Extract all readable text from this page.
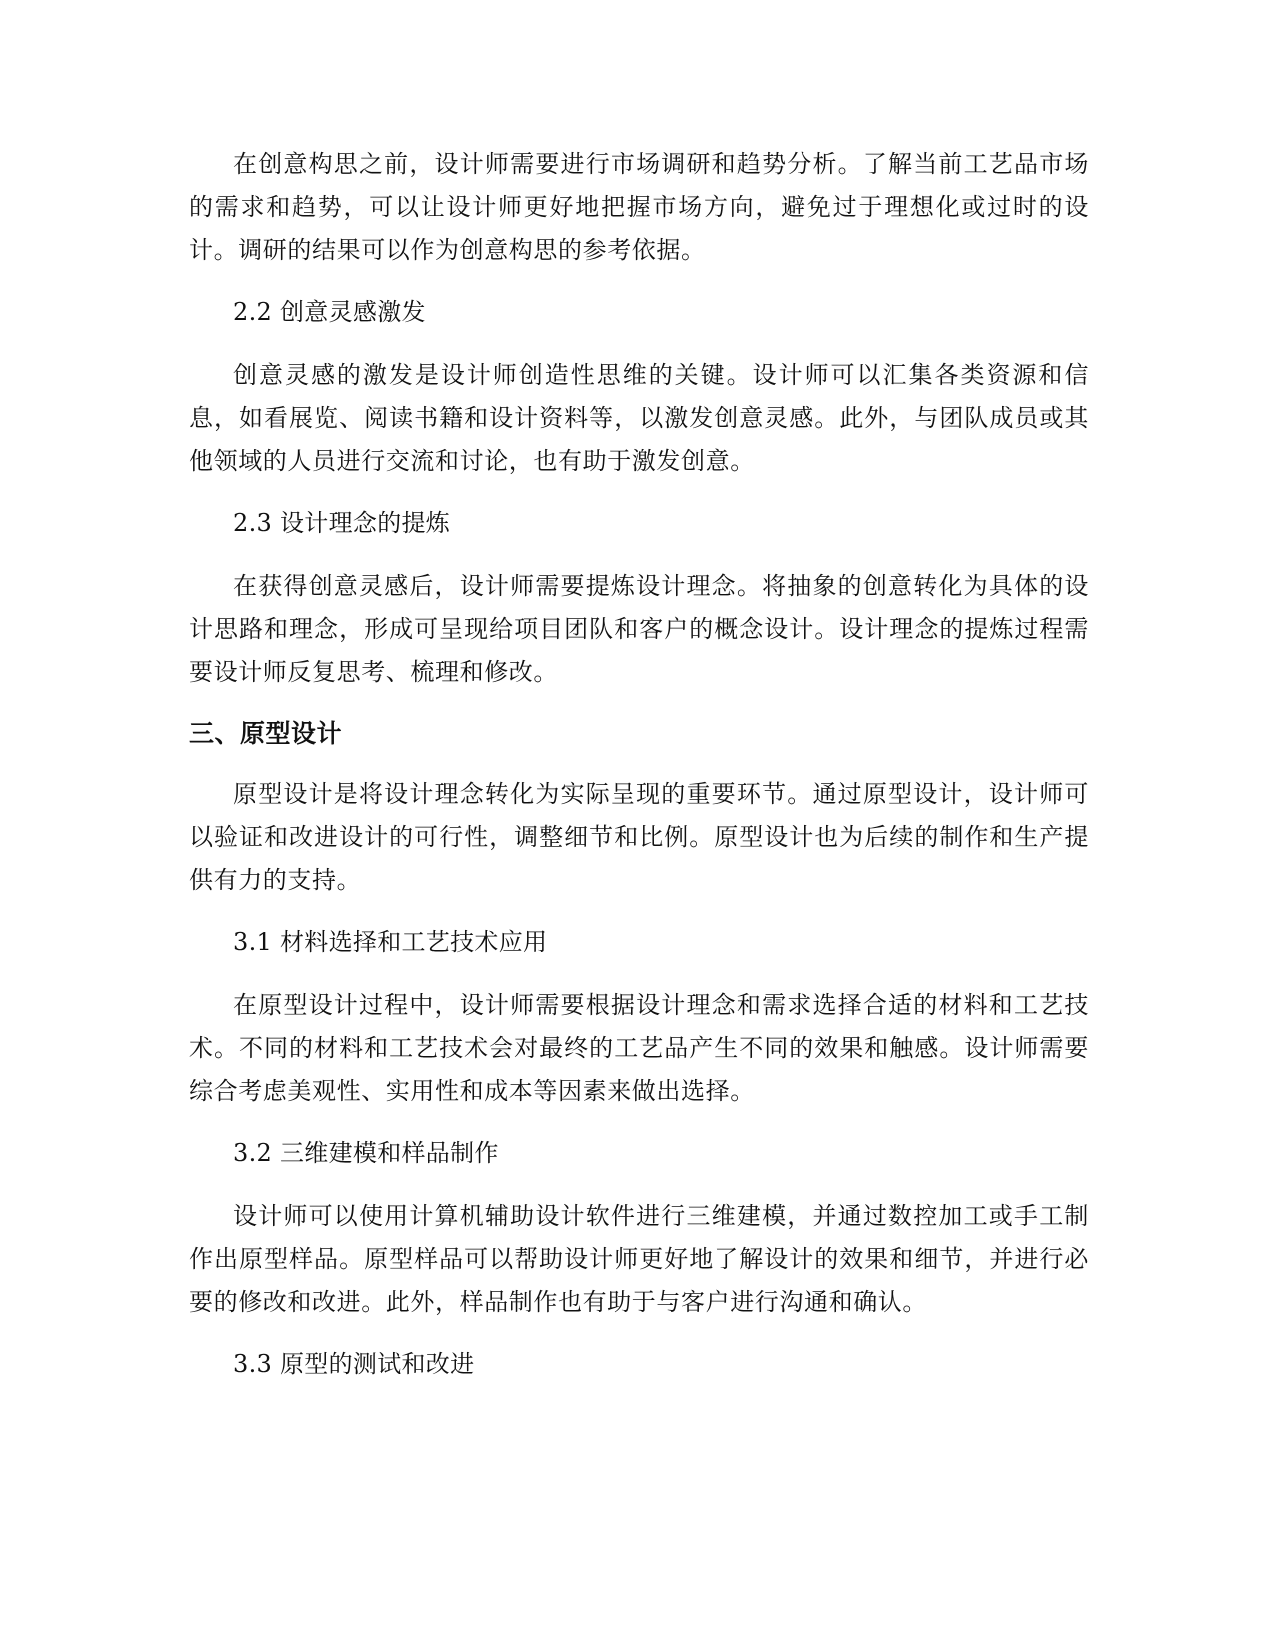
在创意构思之前，设计师需要进行市场调研和趋势分析。了解当前工艺品市场的需求和趋势，可以让设计师更好地把握市场方向，避免过于理想化或过时的设计。调研的结果可以作为创意构思的参考依据。

2.2 创意灵感激发

创意灵感的激发是设计师创造性思维的关键。设计师可以汇集各类资源和信息，如看展览、阅读书籍和设计资料等，以激发创意灵感。此外，与团队成员或其他领域的人员进行交流和讨论，也有助于激发创意。

2.3 设计理念的提炼

在获得创意灵感后，设计师需要提炼设计理念。将抽象的创意转化为具体的设计思路和理念，形成可呈现给项目团队和客户的概念设计。设计理念的提炼过程需要设计师反复思考、梳理和修改。

三、原型设计

原型设计是将设计理念转化为实际呈现的重要环节。通过原型设计，设计师可以验证和改进设计的可行性，调整细节和比例。原型设计也为后续的制作和生产提供有力的支持。

3.1 材料选择和工艺技术应用

在原型设计过程中，设计师需要根据设计理念和需求选择合适的材料和工艺技术。不同的材料和工艺技术会对最终的工艺品产生不同的效果和触感。设计师需要综合考虑美观性、实用性和成本等因素来做出选择。

3.2 三维建模和样品制作

设计师可以使用计算机辅助设计软件进行三维建模，并通过数控加工或手工制作出原型样品。原型样品可以帮助设计师更好地了解设计的效果和细节，并进行必要的修改和改进。此外，样品制作也有助于与客户进行沟通和确认。

3.3 原型的测试和改进
